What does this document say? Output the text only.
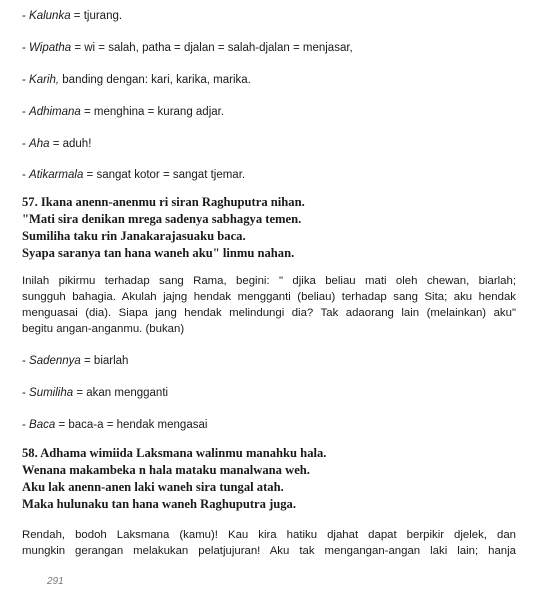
- Kalunka = tjurang.
- Wipatha = wi = salah, patha = djalan = salah-djalan = menjasar,
- Karih, banding dengan: kari, karika, marika.
- Adhimana = menghina = kurang adjar.
- Aha = aduh!
- Atikarmala = sangat kotor = sangat tjemar.
57. Ikana anenn-anenmu ri siran Raghuputra nihan.
"Mati sira denikan mrega sadenya sabhagya temen.
Sumiliha taku rin Janakarajasuaku baca.
Syapa saranya tan hana waneh aku" linmu nahan.
Inilah pikirmu terhadap sang Rama, begini: " djika beliau mati oleh chewan, biarlah;
sungguh bahagia. Akulah jajng hendak mengganti (beliau) terhadap sang Sita; aku hendak
menguasai (dia). Siapa jang hendak melindungi dia? Tak adaorang lain (melainkan) aku"
begitu angan-anganmu. (bukan)
- Sadennya = biarlah
- Sumiliha = akan mengganti
- Baca = baca-a = hendak mengasai
58. Adhama wimiida Laksmana walinmu manahku hala.
Wenana makambeka n hala mataku manalwana weh.
Aku lak anenn-anen laki waneh sira tungal atah.
Maka hulunaku tan hana waneh Raghuputra juga.
Rendah, bodoh Laksmana (kamu)! Kau kira hatiku djahat dapat berpikir djelek, dan
mungkin gerangan melakukan pelatjujuran! Aku tak mengangan-angan laki lain; hanja
291
